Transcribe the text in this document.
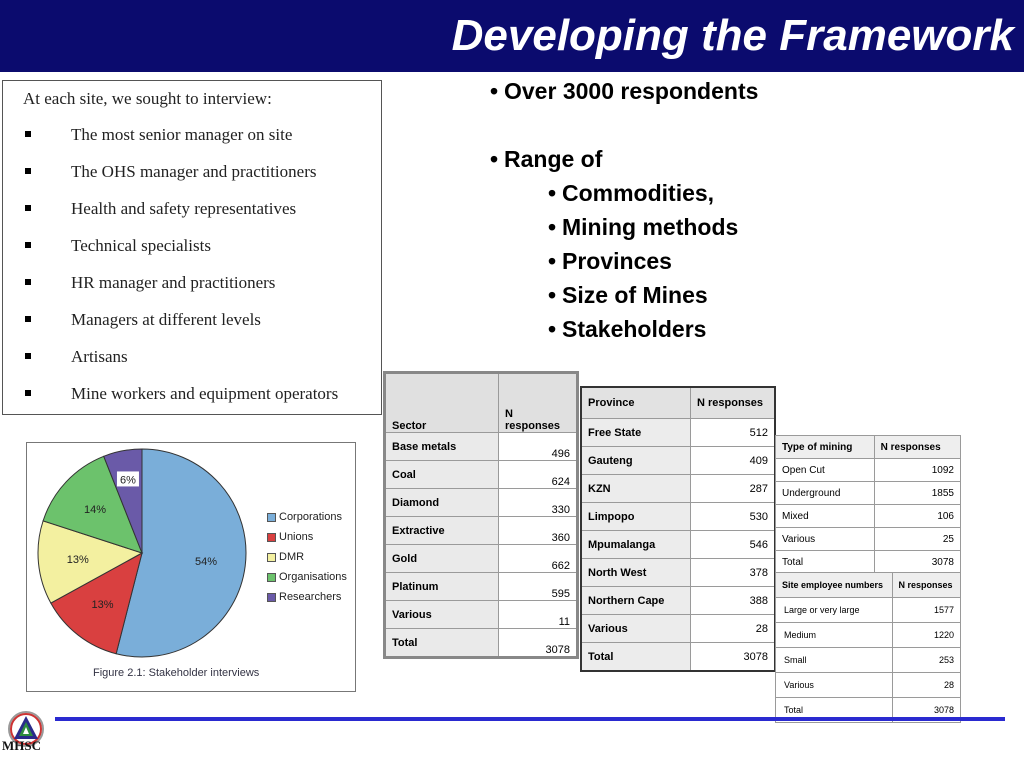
Developing the Framework
At each site, we sought to interview:
The most senior manager on site
The OHS manager and practitioners
Health and safety representatives
Technical specialists
HR manager and practitioners
Managers at different levels
Artisans
Mine workers and equipment operators
• Over 3000 respondents
• Range of
• Commodities,
• Mining methods
• Provinces
• Size of Mines
• Stakeholders
54%
13%
13%
14%
6%
Corporations
Unions
DMR
Organisations
Researchers
Figure 2.1: Stakeholder interviews
Sector	N responses
Base metals	496
Coal	624
Diamond	330
Extractive	360
Gold	662
Platinum	595
Various	11
Total	3078
Province	N responses
Free State	512
Gauteng	409
KZN	287
Limpopo	530
Mpumalanga	546
North West	378
Northern Cape	388
Various	28
Total	3078
Type of mining	N responses
Open Cut	1092
Underground	1855
Mixed	106
Various	25
Total	3078
Site employee numbers	N responses
Large or very large	1577
Medium	1220
Small	253
Various	28
Total	3078
MHSC
